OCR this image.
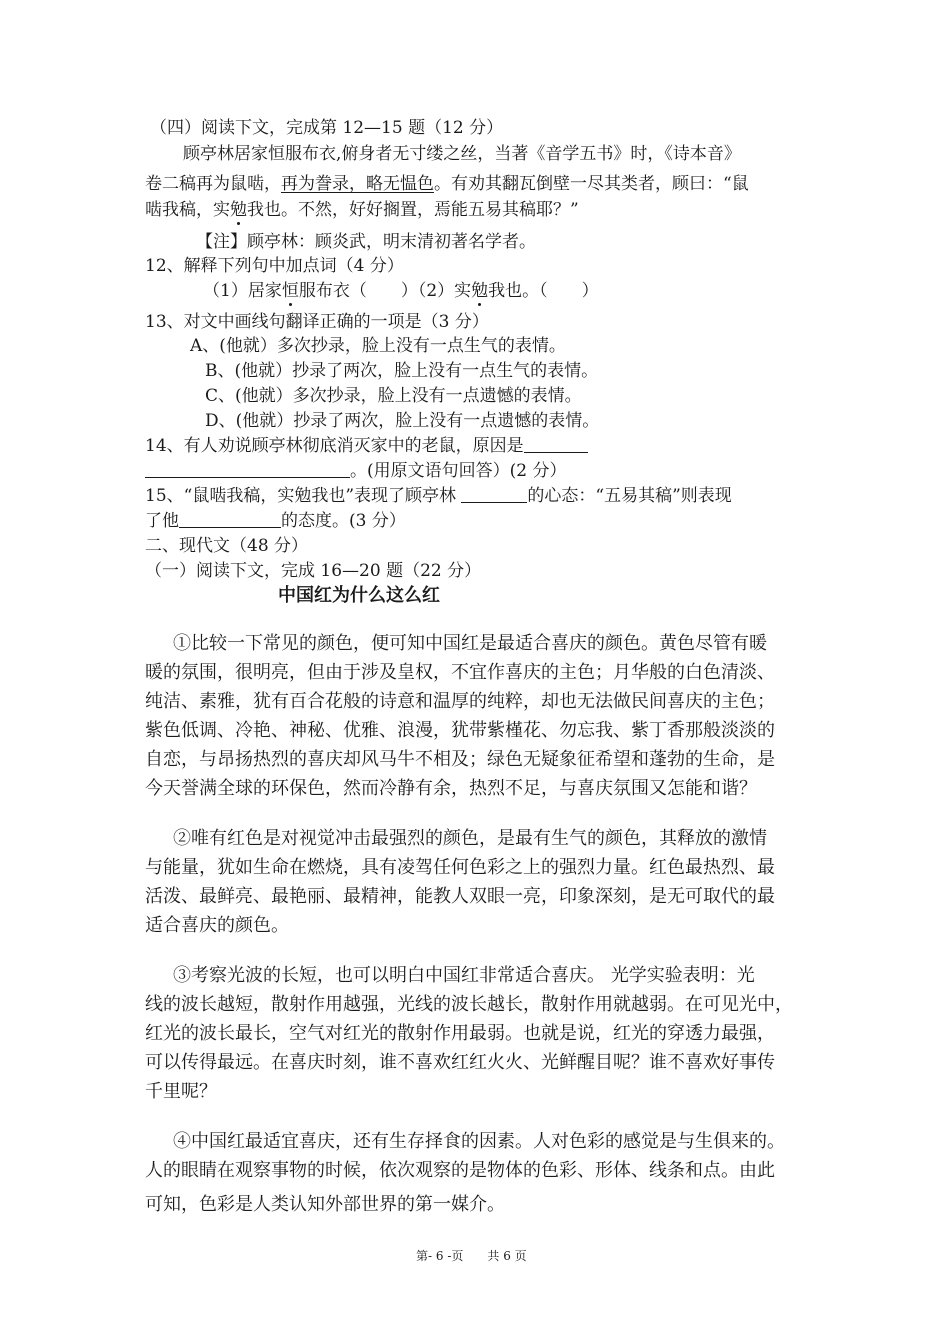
（四）阅读下文，完成第 12—15 题（12 分）
顾亭林居家恒服布衣,俯身者无寸缕之丝，当著《音学五书》时，《诗本音》
卷二稿再为鼠啮，再为誊录，略无愠色。有劝其翻瓦倒壁一尽其类者，顾曰：“鼠
啮我稿，实勉我也。不然，好好搁置，焉能五易其稿耶？”
【注】顾亭林：顾炎武，明末清初著名学者。
12、解释下列句中加点词（4 分）
（1）居家恒服布衣（　　）（2）实勉我也。（　　）
13、对文中画线句翻译正确的一项是（3 分）
A、(他就）多次抄录，脸上没有一点生气的表情。
B、(他就）抄录了两次，脸上没有一点生气的表情。
C、(他就）多次抄录，脸上没有一点遗憾的表情。
D、(他就）抄录了两次，脸上没有一点遗憾的表情。
14、有人劝说顾亭林彻底消灭家中的老鼠，原因是
。(用原文语句回答）(2 分）
15、“鼠啮我稿，实勉我也”表现了顾亭林	的心态：“五易其稿”则表现
了他	的态度。(3 分）
二、现代文（48 分）
（一）阅读下文，完成 16—20 题（22 分）
中国红为什么这么红
①比较一下常见的颜色，便可知中国红是最适合喜庆的颜色。黄色尽管有暖
暖的氛围，很明亮，但由于涉及皇权，不宜作喜庆的主色；月华般的白色清淡、
纯洁、素雅，犹有百合花般的诗意和温厚的纯粹，却也无法做民间喜庆的主色；
紫色低调、冷艳、神秘、优雅、浪漫，犹带紫槿花、勿忘我、紫丁香那般淡淡的
自恋，与昂扬热烈的喜庆却风马牛不相及；绿色无疑象征希望和蓬勃的生命，是
今天誉满全球的环保色，然而冷静有余，热烈不足，与喜庆氛围又怎能和谐？
②唯有红色是对视觉冲击最强烈的颜色，是最有生气的颜色，其释放的激情
与能量，犹如生命在燃烧，具有凌驾任何色彩之上的强烈力量。红色最热烈、最
活泼、最鲜亮、最艳丽、最精神，能教人双眼一亮，印象深刻，是无可取代的最
适合喜庆的颜色。
③考察光波的长短，也可以明白中国红非常适合喜庆。 光学实验表明：光
线的波长越短，散射作用越强，光线的波长越长，散射作用就越弱。在可见光中，
红光的波长最长，空气对红光的散射作用最弱。也就是说，红光的穿透力最强，
可以传得最远。在喜庆时刻，谁不喜欢红红火火、光鲜醒目呢？谁不喜欢好事传
千里呢？
④中国红最适宜喜庆，还有生存择食的因素。人对色彩的感觉是与生俱来的。
人的眼睛在观察事物的时候，依次观察的是物体的色彩、形体、线条和点。由此
可知，色彩是人类认知外部世界的第一媒介。
第- 6 -页　　共 6 页
